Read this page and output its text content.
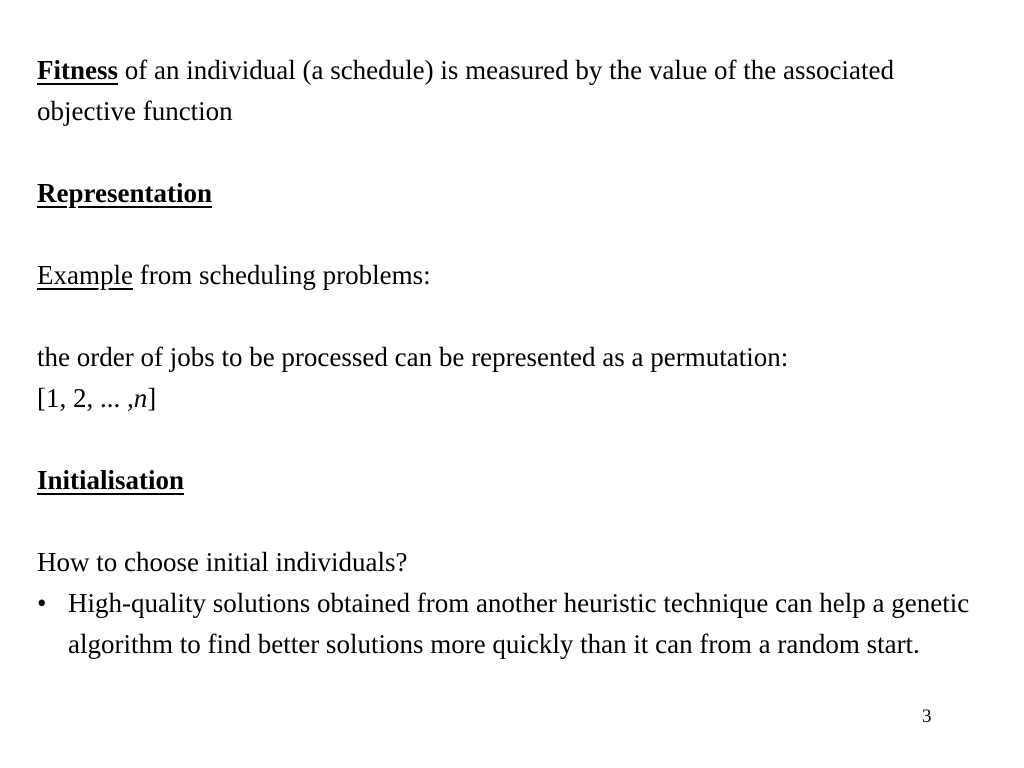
Fitness of an individual (a schedule) is measured by the value of the associated objective function

Representation

Example from scheduling problems:

the order of jobs to be processed can be represented as a permutation:

[1, 2, ... ,n]

Initialisation

How to choose initial individuals?

• High-quality solutions obtained from another heuristic technique can help a genetic algorithm to find better solutions more quickly than it can from a random start.
3
